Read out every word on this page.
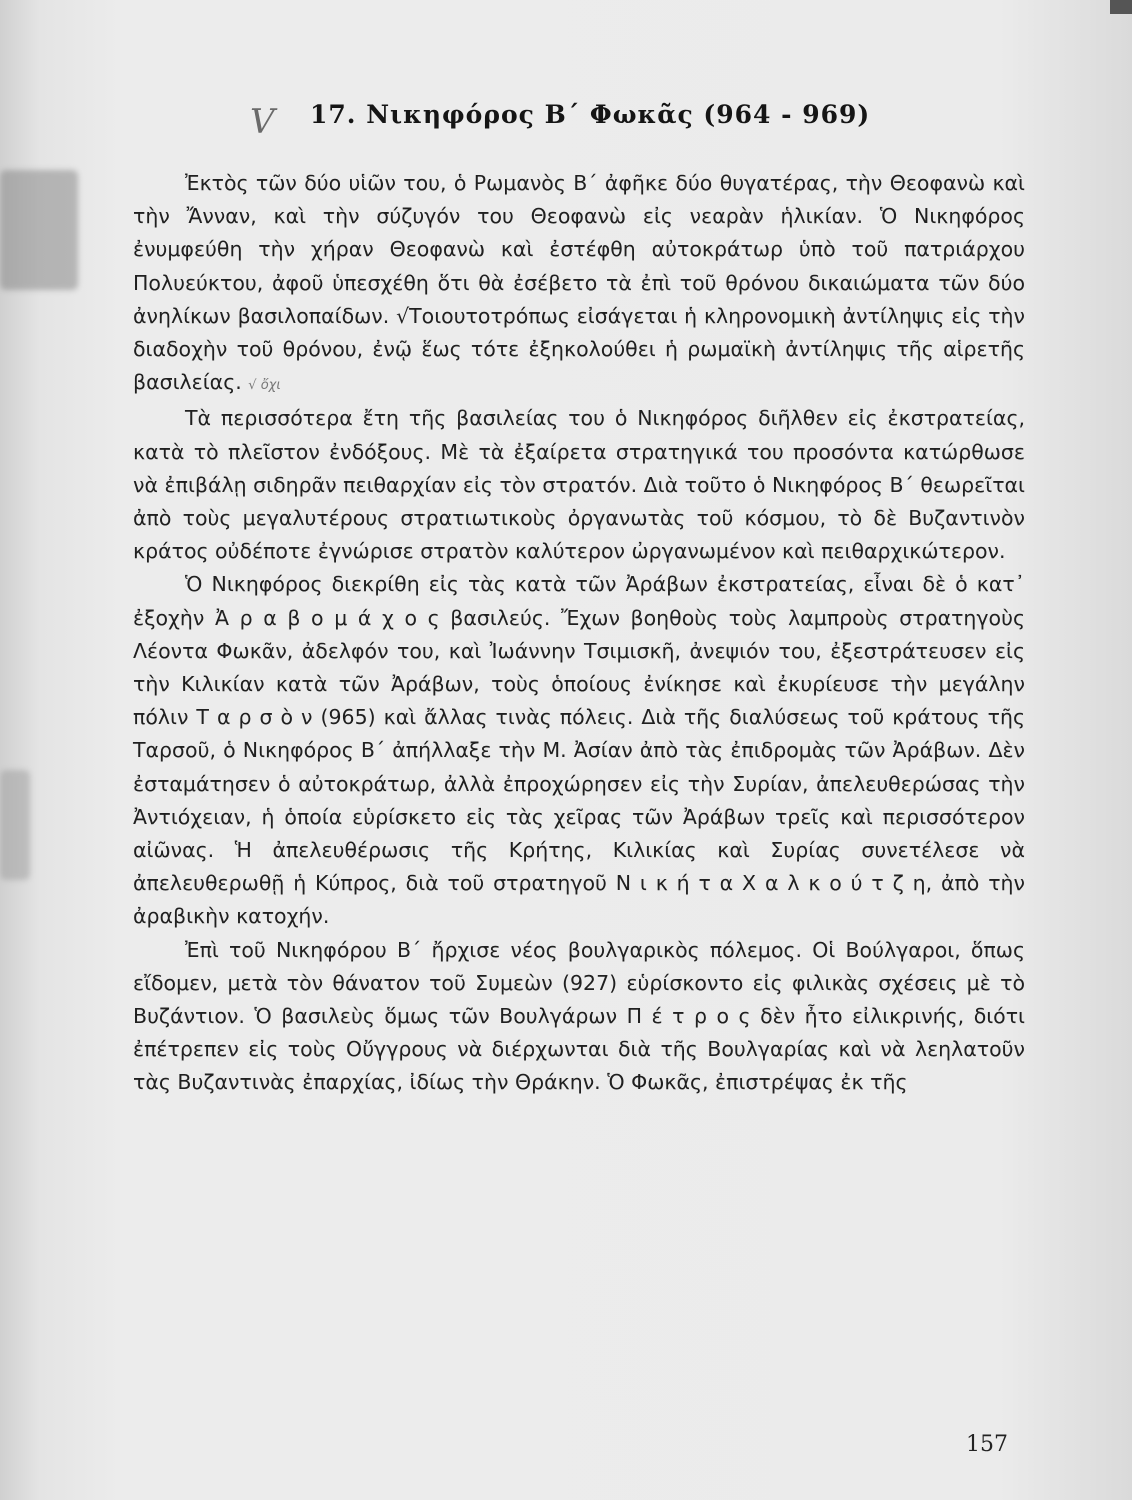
V 17. Νικηφόρος Β΄ Φωκᾶς (964 - 969)

Ἐκτὸς τῶν δύο υἱῶν του, ὁ Ρωμανὸς Β΄ ἀφῆκε δύο θυγατέρας, τὴν Θεοφανὼ καὶ τὴν Ἄνναν, καὶ τὴν σύζυγόν του Θεοφανὼ εἰς νεαρὰν ἡλικίαν. Ὁ Νικηφόρος ἐνυμφεύθη τὴν χήραν Θεοφανὼ καὶ ἐστέφθη αὐτοκράτωρ ὑπὸ τοῦ πατριάρχου Πολυεύκτου, ἀφοῦ ὑπεσχέθη ὅτι θὰ ἐσέβετο τὰ ἐπὶ τοῦ θρόνου δικαιώματα τῶν δύο ἀνηλίκων βασιλοπαίδων. √Τοιουτοτρόπως εἰσάγεται ἡ κληρονομικὴ ἀντίληψις εἰς τὴν διαδοχὴν τοῦ θρόνου, ἐνῷ ἕως τότε ἐξηκολούθει ἡ ρωμαϊκὴ ἀντίληψις τῆς αἱρετῆς βασιλείας. √ ὄχι

Τὰ περισσότερα ἔτη τῆς βασιλείας του ὁ Νικηφόρος διῆλθεν εἰς ἐκστρατείας, κατὰ τὸ πλεῖστον ἐνδόξους. Μὲ τὰ ἐξαίρετα στρατηγικά του προσόντα κατώρθωσε νὰ ἐπιβάλῃ σιδηρᾶν πειθαρχίαν εἰς τὸν στρατόν. Διὰ τοῦτο ὁ Νικηφόρος Β΄ θεωρεῖται ἀπὸ τοὺς μεγαλυτέρους στρατιωτικοὺς ὀργανωτὰς τοῦ κόσμου, τὸ δὲ Βυζαντινὸν κράτος οὐδέποτε ἐγνώρισε στρατὸν καλύτερον ὠργανωμένον καὶ πειθαρχικώτερον.

Ὁ Νικηφόρος διεκρίθη εἰς τὰς κατὰ τῶν Ἀράβων ἐκστρατείας, εἶναι δὲ ὁ κατ᾽ ἐξοχὴν Ἀ ρ α β ο μ ά χ ο ς βασιλεύς. Ἔχων βοηθοὺς τοὺς λαμπροὺς στρατηγοὺς Λέοντα Φωκᾶν, ἀδελφόν του, καὶ Ἰωάννην Τσιμισκῆ, ἀνεψιόν του, ἐξεστράτευσεν εἰς τὴν Κιλικίαν κατὰ τῶν Ἀράβων, τοὺς ὁποίους ἐνίκησε καὶ ἐκυρίευσε τὴν μεγάλην πόλιν Τ α ρ σ ὸ ν (965) καὶ ἄλλας τινὰς πόλεις. Διὰ τῆς διαλύσεως τοῦ κράτους τῆς Ταρσοῦ, ὁ Νικηφόρος Β΄ ἀπήλλαξε τὴν Μ. Ἀσίαν ἀπὸ τὰς ἐπιδρομὰς τῶν Ἀράβων. Δὲν ἐσταμάτησεν ὁ αὐτοκράτωρ, ἀλλὰ ἐπροχώρησεν εἰς τὴν Συρίαν, ἀπελευθερώσας τὴν Ἀντιόχειαν, ἡ ὁποία εὑρίσκετο εἰς τὰς χεῖρας τῶν Ἀράβων τρεῖς καὶ περισσότερον αἰῶνας. Ἡ ἀπελευθέρωσις τῆς Κρήτης, Κιλικίας καὶ Συρίας συνετέλεσε νὰ ἀπελευθερωθῇ ἡ Κύπρος, διὰ τοῦ στρατηγοῦ Ν ι κ ή τ α Χ α λ κ ο ύ τ ζ η, ἀπὸ τὴν ἀραβικὴν κατοχήν.

Ἐπὶ τοῦ Νικηφόρου Β΄ ἤρχισε νέος βουλγαρικὸς πόλεμος. Οἱ Βούλγαροι, ὅπως εἴδομεν, μετὰ τὸν θάνατον τοῦ Συμεὼν (927) εὑρίσκοντο εἰς φιλικὰς σχέσεις μὲ τὸ Βυζάντιον. Ὁ βασιλεὺς ὅμως τῶν Βουλγάρων Π έ τ ρ ο ς δὲν ἦτο εἰλικρινής, διότι ἐπέτρεπεν εἰς τοὺς Οὔγγρους νὰ διέρχωνται διὰ τῆς Βουλγαρίας καὶ νὰ λεηλατοῦν τὰς Βυζαντινὰς ἐπαρχίας, ἰδίως τὴν Θράκην. Ὁ Φωκᾶς, ἐπιστρέψας ἐκ τῆς

157
